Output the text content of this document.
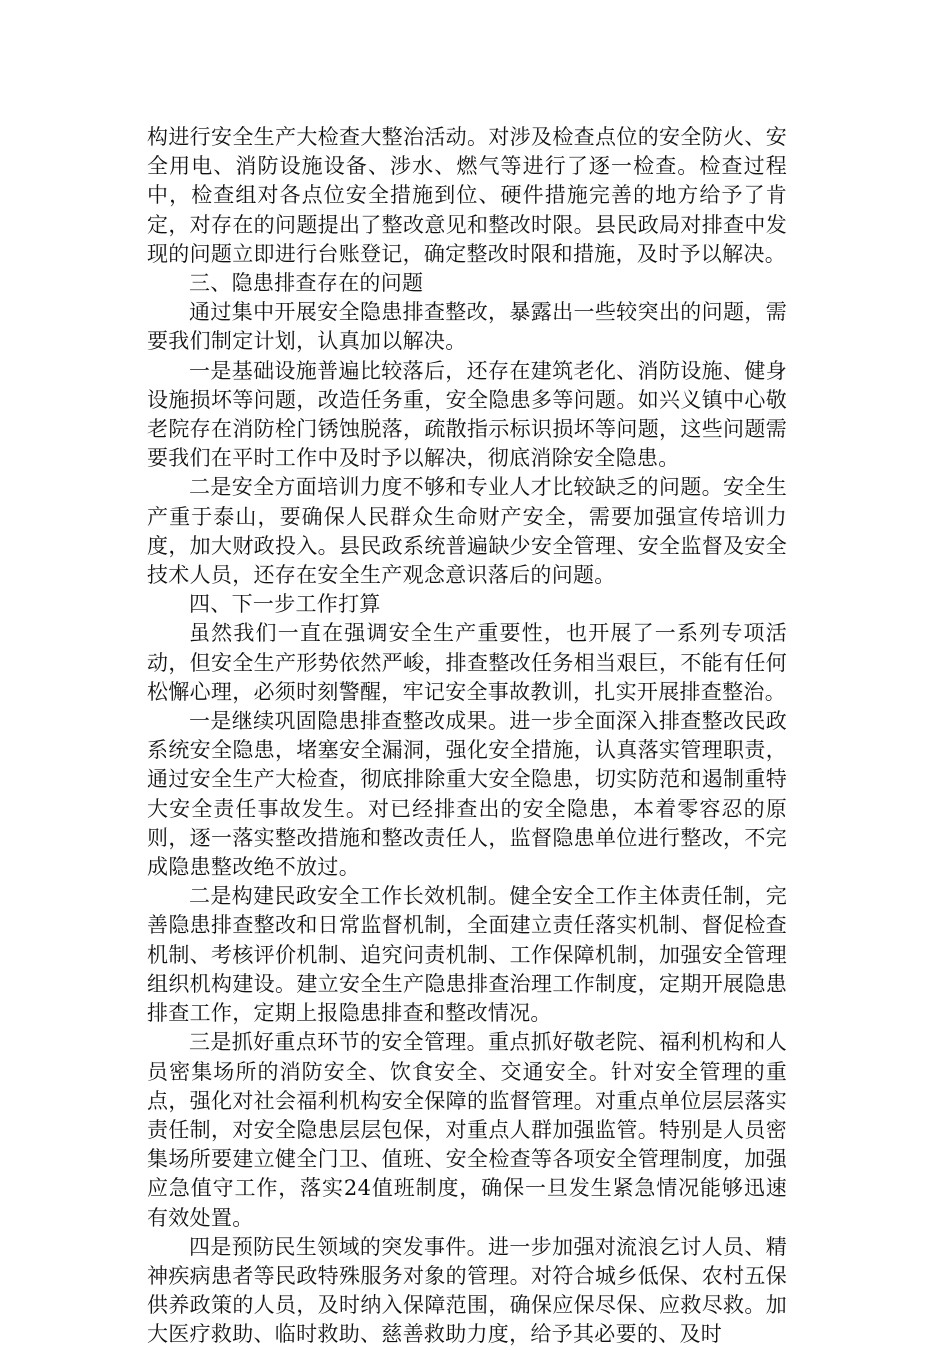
构进行安全生产大检查大整治活动。对涉及检查点位的安全防火、安全用电、消防设施设备、涉水、燃气等进行了逐一检查。检查过程中，检查组对各点位安全措施到位、硬件措施完善的地方给予了肯定，对存在的问题提出了整改意见和整改时限。县民政局对排查中发现的问题立即进行台账登记，确定整改时限和措施，及时予以解决。

三、隐患排查存在的问题

通过集中开展安全隐患排查整改，暴露出一些较突出的问题，需要我们制定计划，认真加以解决。

一是基础设施普遍比较落后，还存在建筑老化、消防设施、健身设施损坏等问题，改造任务重，安全隐患多等问题。如兴义镇中心敬老院存在消防栓门锈蚀脱落，疏散指示标识损坏等问题，这些问题需要我们在平时工作中及时予以解决，彻底消除安全隐患。

二是安全方面培训力度不够和专业人才比较缺乏的问题。安全生产重于泰山，要确保人民群众生命财产安全，需要加强宣传培训力度，加大财政投入。县民政系统普遍缺少安全管理、安全监督及安全技术人员，还存在安全生产观念意识落后的问题。

四、下一步工作打算

虽然我们一直在强调安全生产重要性，也开展了一系列专项活动，但安全生产形势依然严峻，排查整改任务相当艰巨，不能有任何松懈心理，必须时刻警醒，牢记安全事故教训，扎实开展排查整治。

一是继续巩固隐患排查整改成果。进一步全面深入排查整改民政系统安全隐患，堵塞安全漏洞，强化安全措施，认真落实管理职责，通过安全生产大检查，彻底排除重大安全隐患，切实防范和遏制重特大安全责任事故发生。对已经排查出的安全隐患，本着零容忍的原则，逐一落实整改措施和整改责任人，监督隐患单位进行整改，不完成隐患整改绝不放过。

二是构建民政安全工作长效机制。健全安全工作主体责任制，完善隐患排查整改和日常监督机制，全面建立责任落实机制、督促检查机制、考核评价机制、追究问责机制、工作保障机制，加强安全管理组织机构建设。建立安全生产隐患排查治理工作制度，定期开展隐患排查工作，定期上报隐患排查和整改情况。

三是抓好重点环节的安全管理。重点抓好敬老院、福利机构和人员密集场所的消防安全、饮食安全、交通安全。针对安全管理的重点，强化对社会福利机构安全保障的监督管理。对重点单位层层落实责任制，对安全隐患层层包保，对重点人群加强监管。特别是人员密集场所要建立健全门卫、值班、安全检查等各项安全管理制度，加强应急值守工作，落实24值班制度，确保一旦发生紧急情况能够迅速有效处置。

四是预防民生领域的突发事件。进一步加强对流浪乞讨人员、精神疾病患者等民政特殊服务对象的管理。对符合城乡低保、农村五保供养政策的人员，及时纳入保障范围，确保应保尽保、应救尽救。加大医疗救助、临时救助、慈善救助力度，给予其必要的、及时
